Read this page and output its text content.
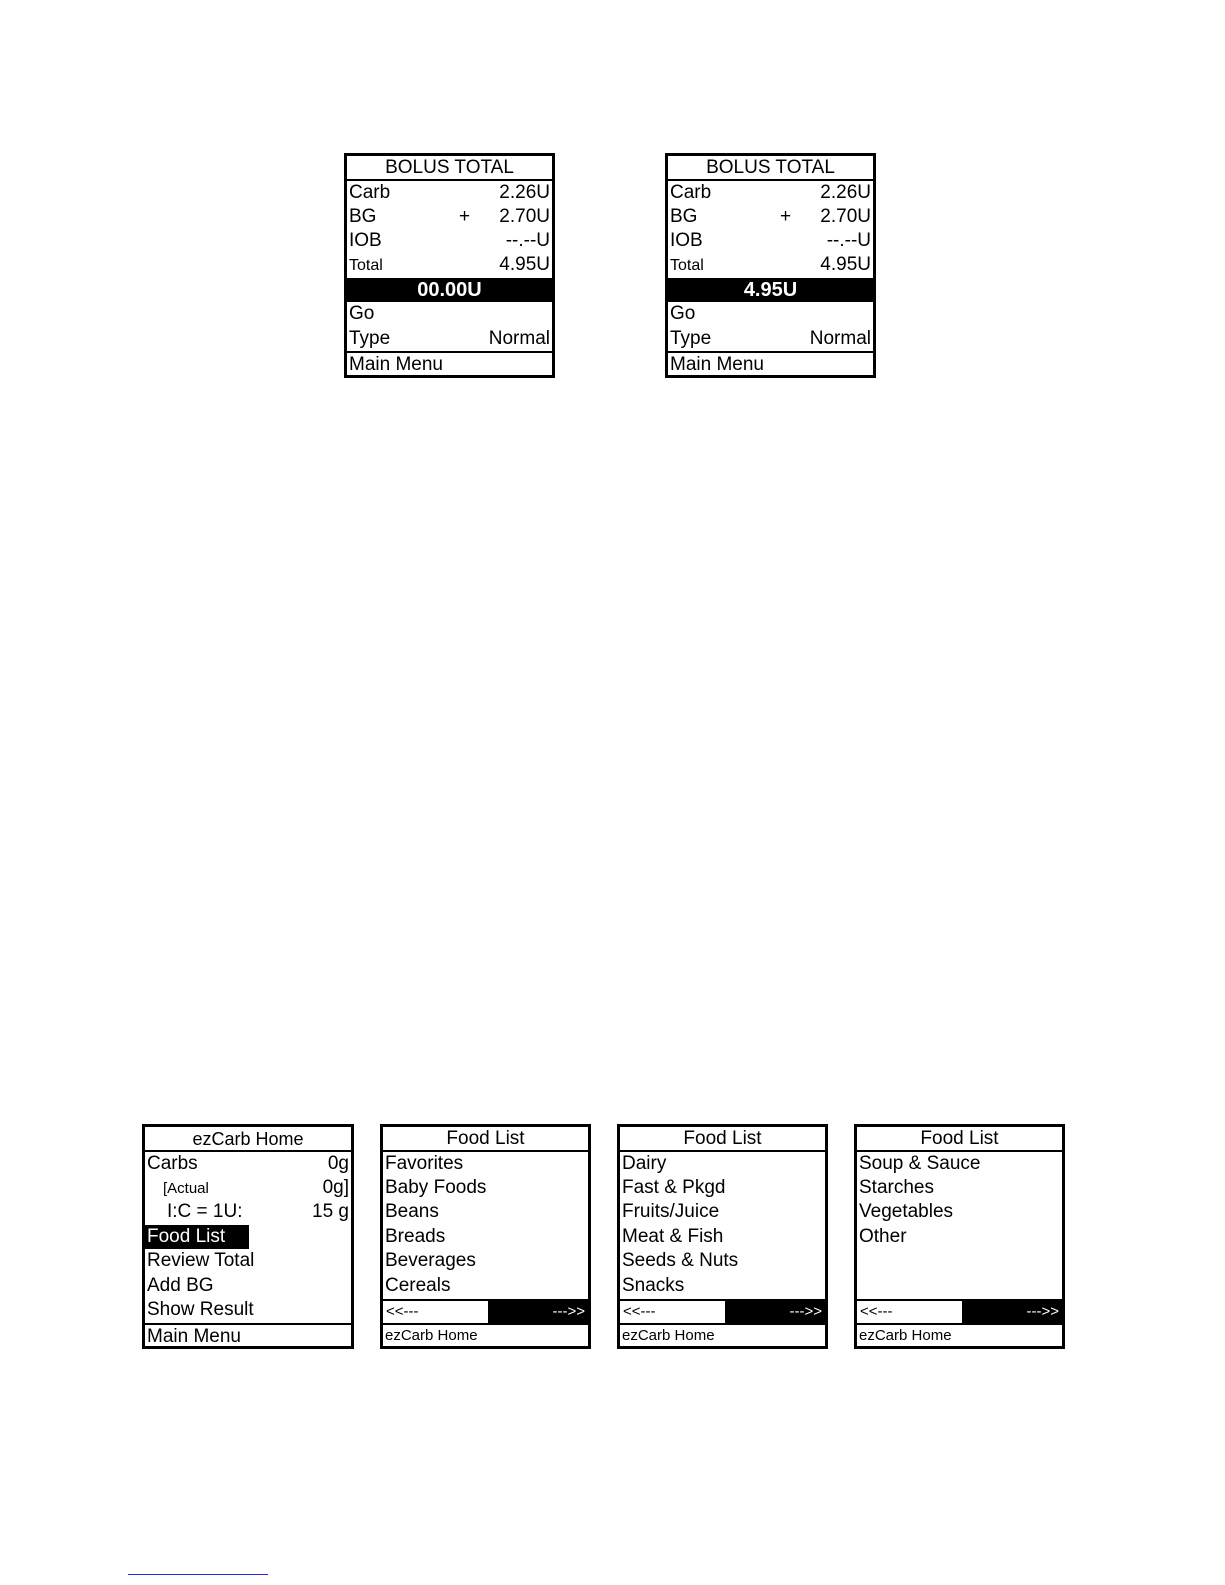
BOLUS TOTAL
Carb	2.26U
BG	+ 2.70U
IOB	--.--U
Total	4.95U
00.00U
Go
Type	Normal
Main Menu
BOLUS TOTAL
Carb	2.26U
BG	+ 2.70U
IOB	--.--U
Total	4.95U
4.95U
Go
Type	Normal
Main Menu
ezCarb Home
Carbs	0g
[Actual	0g]
I:C = 1U:	15 g
Food List
Review Total
Add BG
Show Result
Main Menu
Food List
Favorites
Baby Foods
Beans
Breads
Beverages
Cereals
<<---	--->>
ezCarb Home
Food List
Dairy
Fast & Pkgd
Fruits/Juice
Meat & Fish
Seeds & Nuts
Snacks
<<---	--->>
ezCarb Home
Food List
Soup & Sauce
Starches
Vegetables
Other
<<---	--->>
ezCarb Home
